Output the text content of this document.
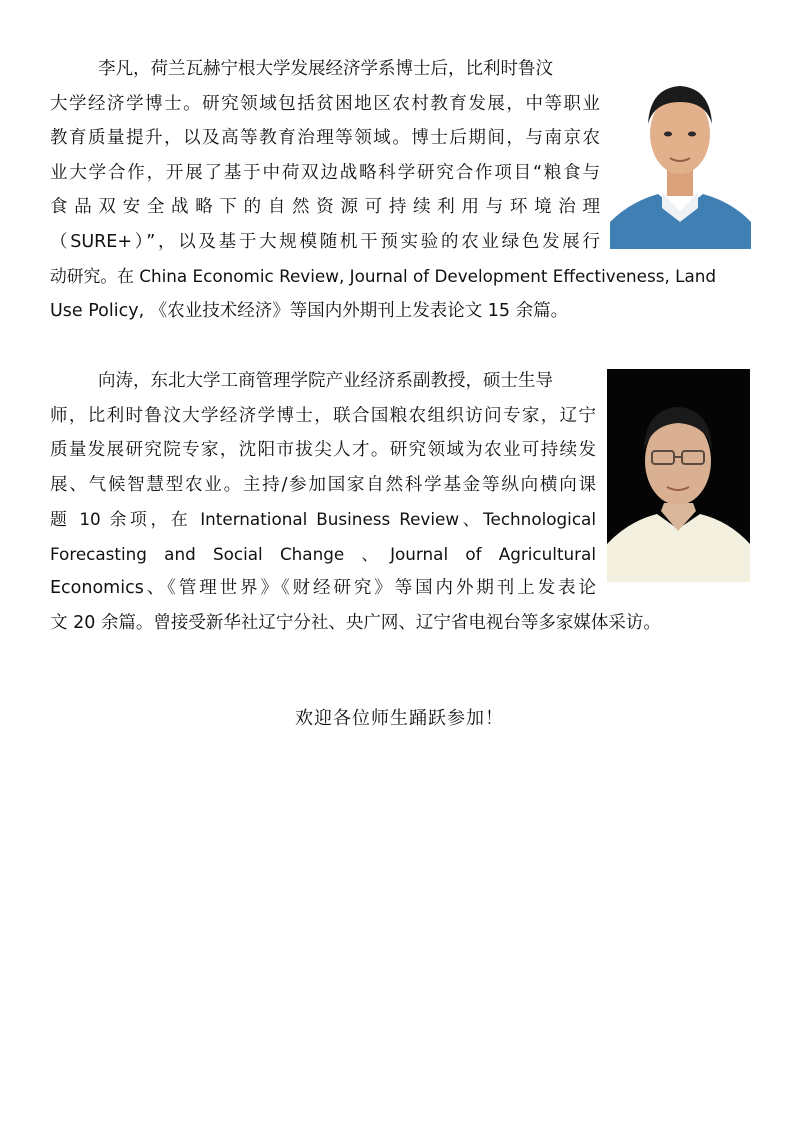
李凡，荷兰瓦赫宁根大学发展经济学系博士后，比利时鲁汶
大学经济学博士。研究领域包括贫困地区农村教育发展，中等职业
教育质量提升，以及高等教育治理等领域。博士后期间，与南京农
业大学合作，开展了基于中荷双边战略科学研究合作项目“粮食与
食品双安全战略下的自然资源可持续利用与环境治理
（SURE+）”，以及基于大规模随机干预实验的农业绿色发展行
动研究。在 China Economic Review, Journal of Development Effectiveness, Land
Use Policy, 《农业技术经济》等国内外期刊上发表论文 15 余篇。
向涛，东北大学工商管理学院产业经济系副教授，硕士生导
师，比利时鲁汶大学经济学博士，联合国粮农组织访问专家，辽宁
质量发展研究院专家，沈阳市拔尖人才。研究领域为农业可持续发
展、气候智慧型农业。主持/参加国家自然科学基金等纵向横向课
题 10 余项，在 International Business Review、Technological
Forecasting and Social Change 、Journal of Agricultural
Economics、《管理世界》《财经研究》等国内外期刊上发表论
文 20 余篇。曾接受新华社辽宁分社、央广网、辽宁省电视台等多家媒体采访。
欢迎各位师生踊跃参加！
